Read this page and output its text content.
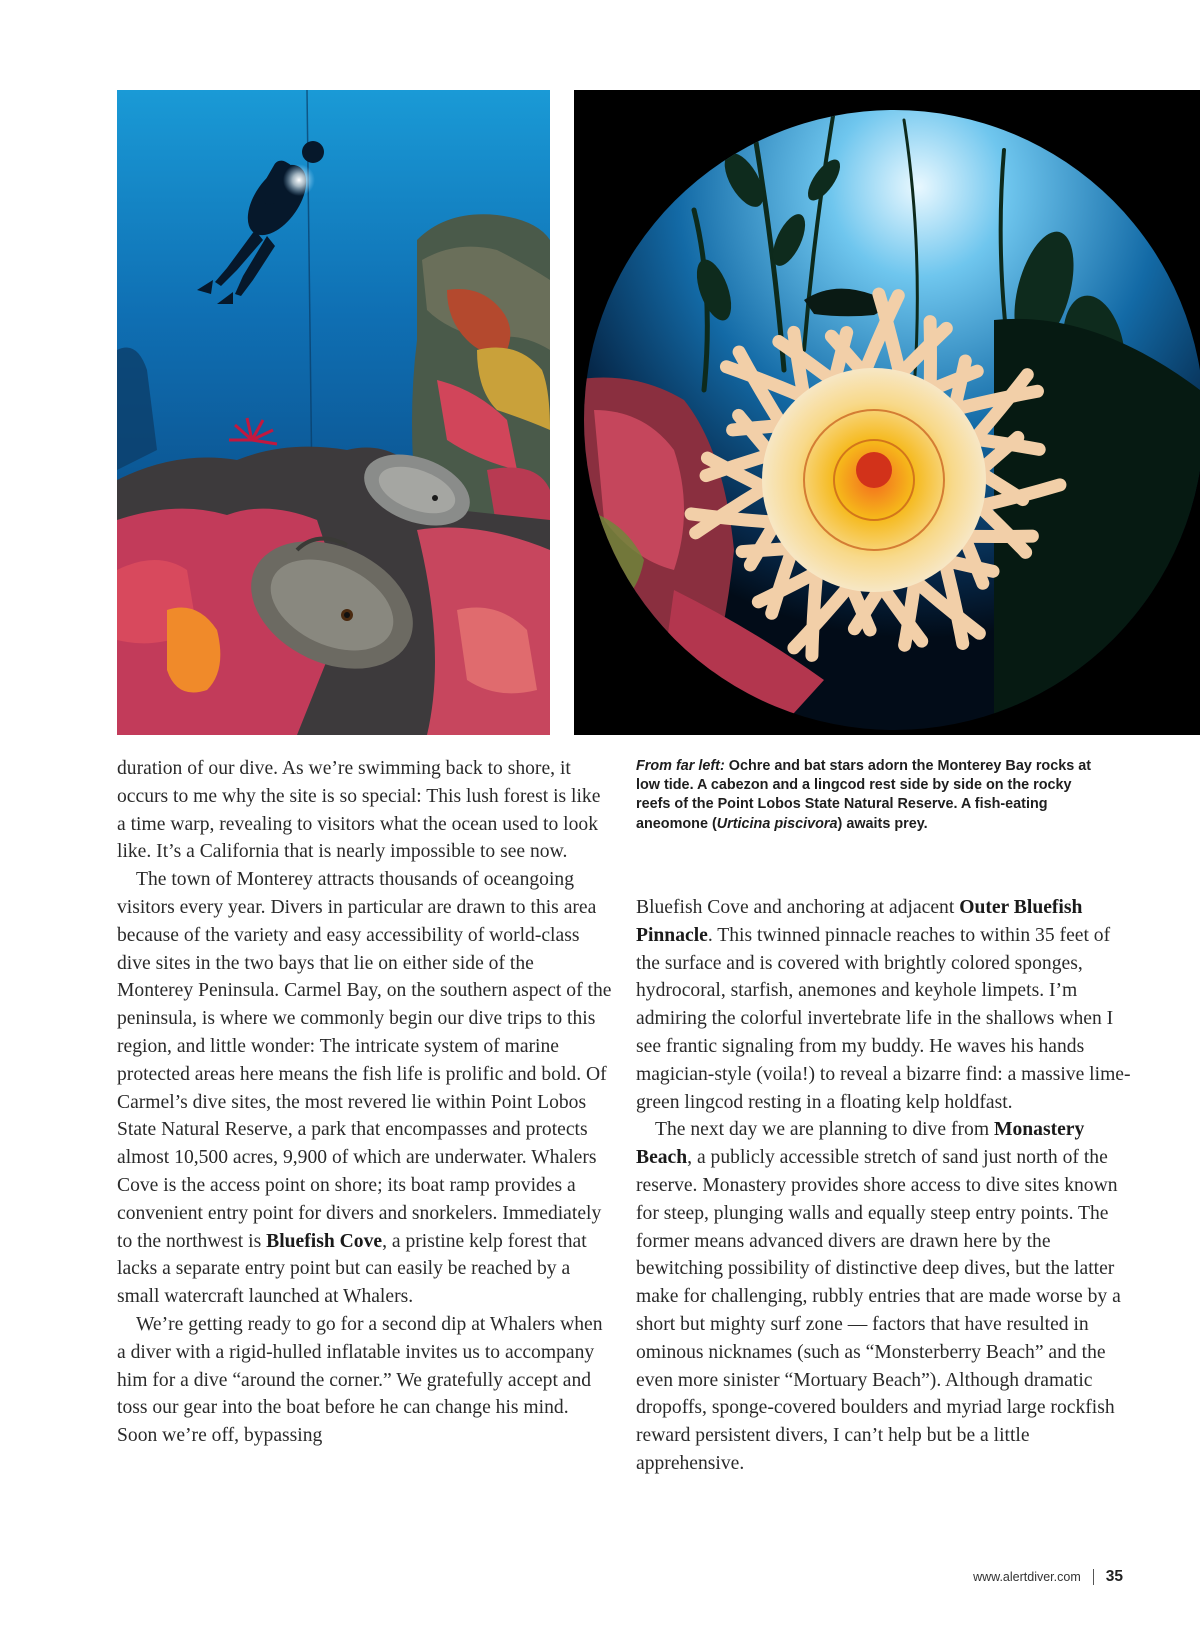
duration of our dive. As we’re swimming back to shore, it occurs to me why the site is so special: This lush forest is like a time warp, revealing to visitors what the ocean used to look like. It’s a California that is nearly impossible to see now.

The town of Monterey attracts thousands of oceangoing visitors every year. Divers in particular are drawn to this area because of the variety and easy accessibility of world-class dive sites in the two bays that lie on either side of the Monterey Peninsula. Carmel Bay, on the southern aspect of the peninsula, is where we commonly begin our dive trips to this region, and little wonder: The intricate system of marine protected areas here means the fish life is prolific and bold. Of Carmel’s dive sites, the most revered lie within Point Lobos State Natural Reserve, a park that encompasses and protects almost 10,500 acres, 9,900 of which are underwater. Whalers Cove is the access point on shore; its boat ramp provides a convenient entry point for divers and snorkelers. Immediately to the northwest is Bluefish Cove, a pristine kelp forest that lacks a separate entry point but can easily be reached by a small watercraft launched at Whalers.

We’re getting ready to go for a second dip at Whalers when a diver with a rigid-hulled inflatable invites us to accompany him for a dive “around the corner.” We gratefully accept and toss our gear into the boat before he can change his mind. Soon we’re off, bypassing

From far left: Ochre and bat stars adorn the Monterey Bay rocks at low tide. A cabezon and a lingcod rest side by side on the rocky reefs of the Point Lobos State Natural Reserve. A fish-eating aneomone (Urticina piscivora) awaits prey.

Bluefish Cove and anchoring at adjacent Outer Bluefish Pinnacle. This twinned pinnacle reaches to within 35 feet of the surface and is covered with brightly colored sponges, hydrocoral, starfish, anemones and keyhole limpets. I’m admiring the colorful invertebrate life in the shallows when I see frantic signaling from my buddy. He waves his hands magician-style (voila!) to reveal a bizarre find: a massive lime-green lingcod resting in a floating kelp holdfast.

The next day we are planning to dive from Monastery Beach, a publicly accessible stretch of sand just north of the reserve. Monastery provides shore access to dive sites known for steep, plunging walls and equally steep entry points. The former means advanced divers are drawn here by the bewitching possibility of distinctive deep dives, but the latter make for challenging, rubbly entries that are made worse by a short but mighty surf zone — factors that have resulted in ominous nicknames (such as “Monsterberry Beach” and the even more sinister “Mortuary Beach”). Although dramatic dropoffs, sponge-covered boulders and myriad large rockfish reward persistent divers, I can’t help but be a little apprehensive.

www.alertdiver.com 35
